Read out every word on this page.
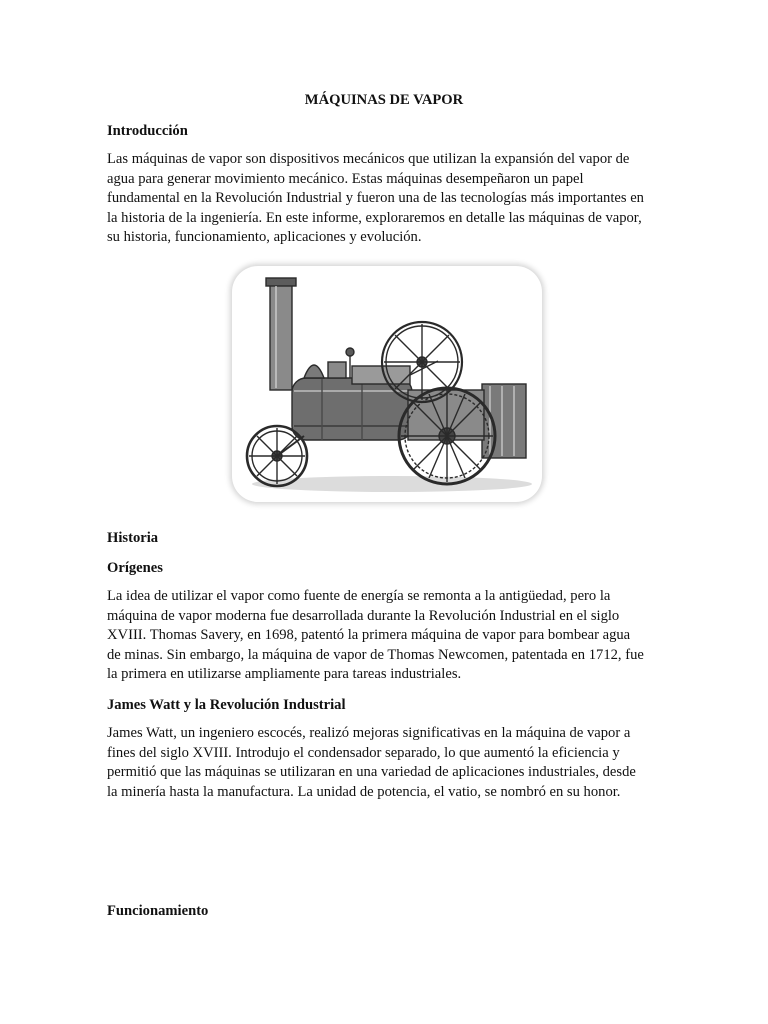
MÁQUINAS DE VAPOR
Introducción
Las máquinas de vapor son dispositivos mecánicos que utilizan la expansión del vapor de
agua para generar movimiento mecánico. Estas máquinas desempeñaron un papel
fundamental en la Revolución Industrial y fueron una de las tecnologías más importantes en
la historia de la ingeniería. En este informe, exploraremos en detalle las máquinas de vapor,
su historia, funcionamiento, aplicaciones y evolución.
Historia
Orígenes
La idea de utilizar el vapor como fuente de energía se remonta a la antigüedad, pero la
máquina de vapor moderna fue desarrollada durante la Revolución Industrial en el siglo
XVIII. Thomas Savery, en 1698, patentó la primera máquina de vapor para bombear agua
de minas. Sin embargo, la máquina de vapor de Thomas Newcomen, patentada en 1712, fue
la primera en utilizarse ampliamente para tareas industriales.
James Watt y la Revolución Industrial
James Watt, un ingeniero escocés, realizó mejoras significativas en la máquina de vapor a
fines del siglo XVIII. Introdujo el condensador separado, lo que aumentó la eficiencia y
permitió que las máquinas se utilizaran en una variedad de aplicaciones industriales, desde
la minería hasta la manufactura. La unidad de potencia, el vatio, se nombró en su honor.
Funcionamiento
